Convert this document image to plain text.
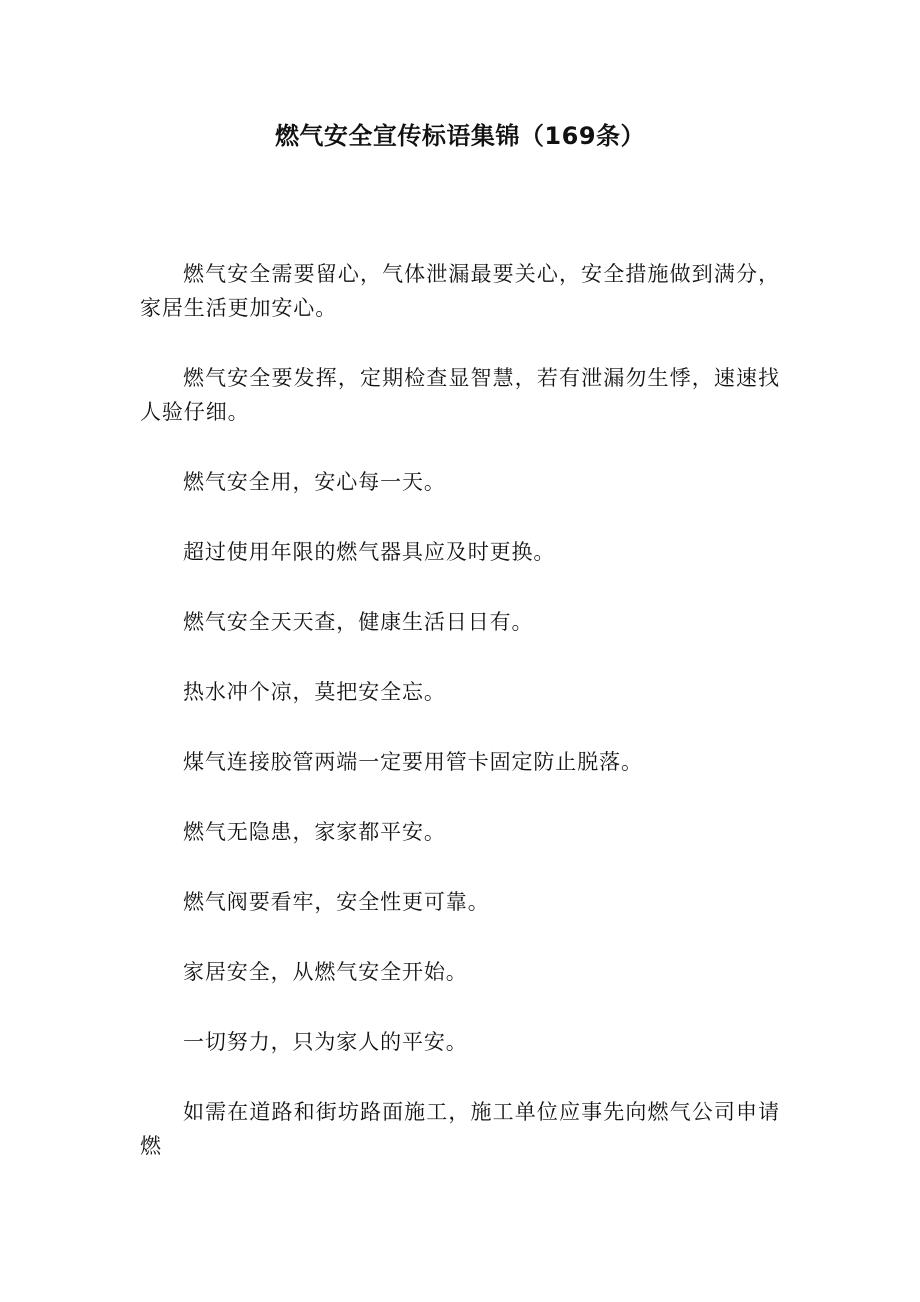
燃气安全宣传标语集锦（169条）

燃气安全需要留心，气体泄漏最要关心，安全措施做到满分，家居生活更加安心。

燃气安全要发挥，定期检查显智慧，若有泄漏勿生悸，速速找人验仔细。

燃气安全用，安心每一天。

超过使用年限的燃气器具应及时更换。

燃气安全天天查，健康生活日日有。

热水冲个凉，莫把安全忘。

煤气连接胶管两端一定要用管卡固定防止脱落。

燃气无隐患，家家都平安。

燃气阀要看牢，安全性更可靠。

家居安全，从燃气安全开始。

一切努力，只为家人的平安。

如需在道路和街坊路面施工，施工单位应事先向燃气公司申请燃
